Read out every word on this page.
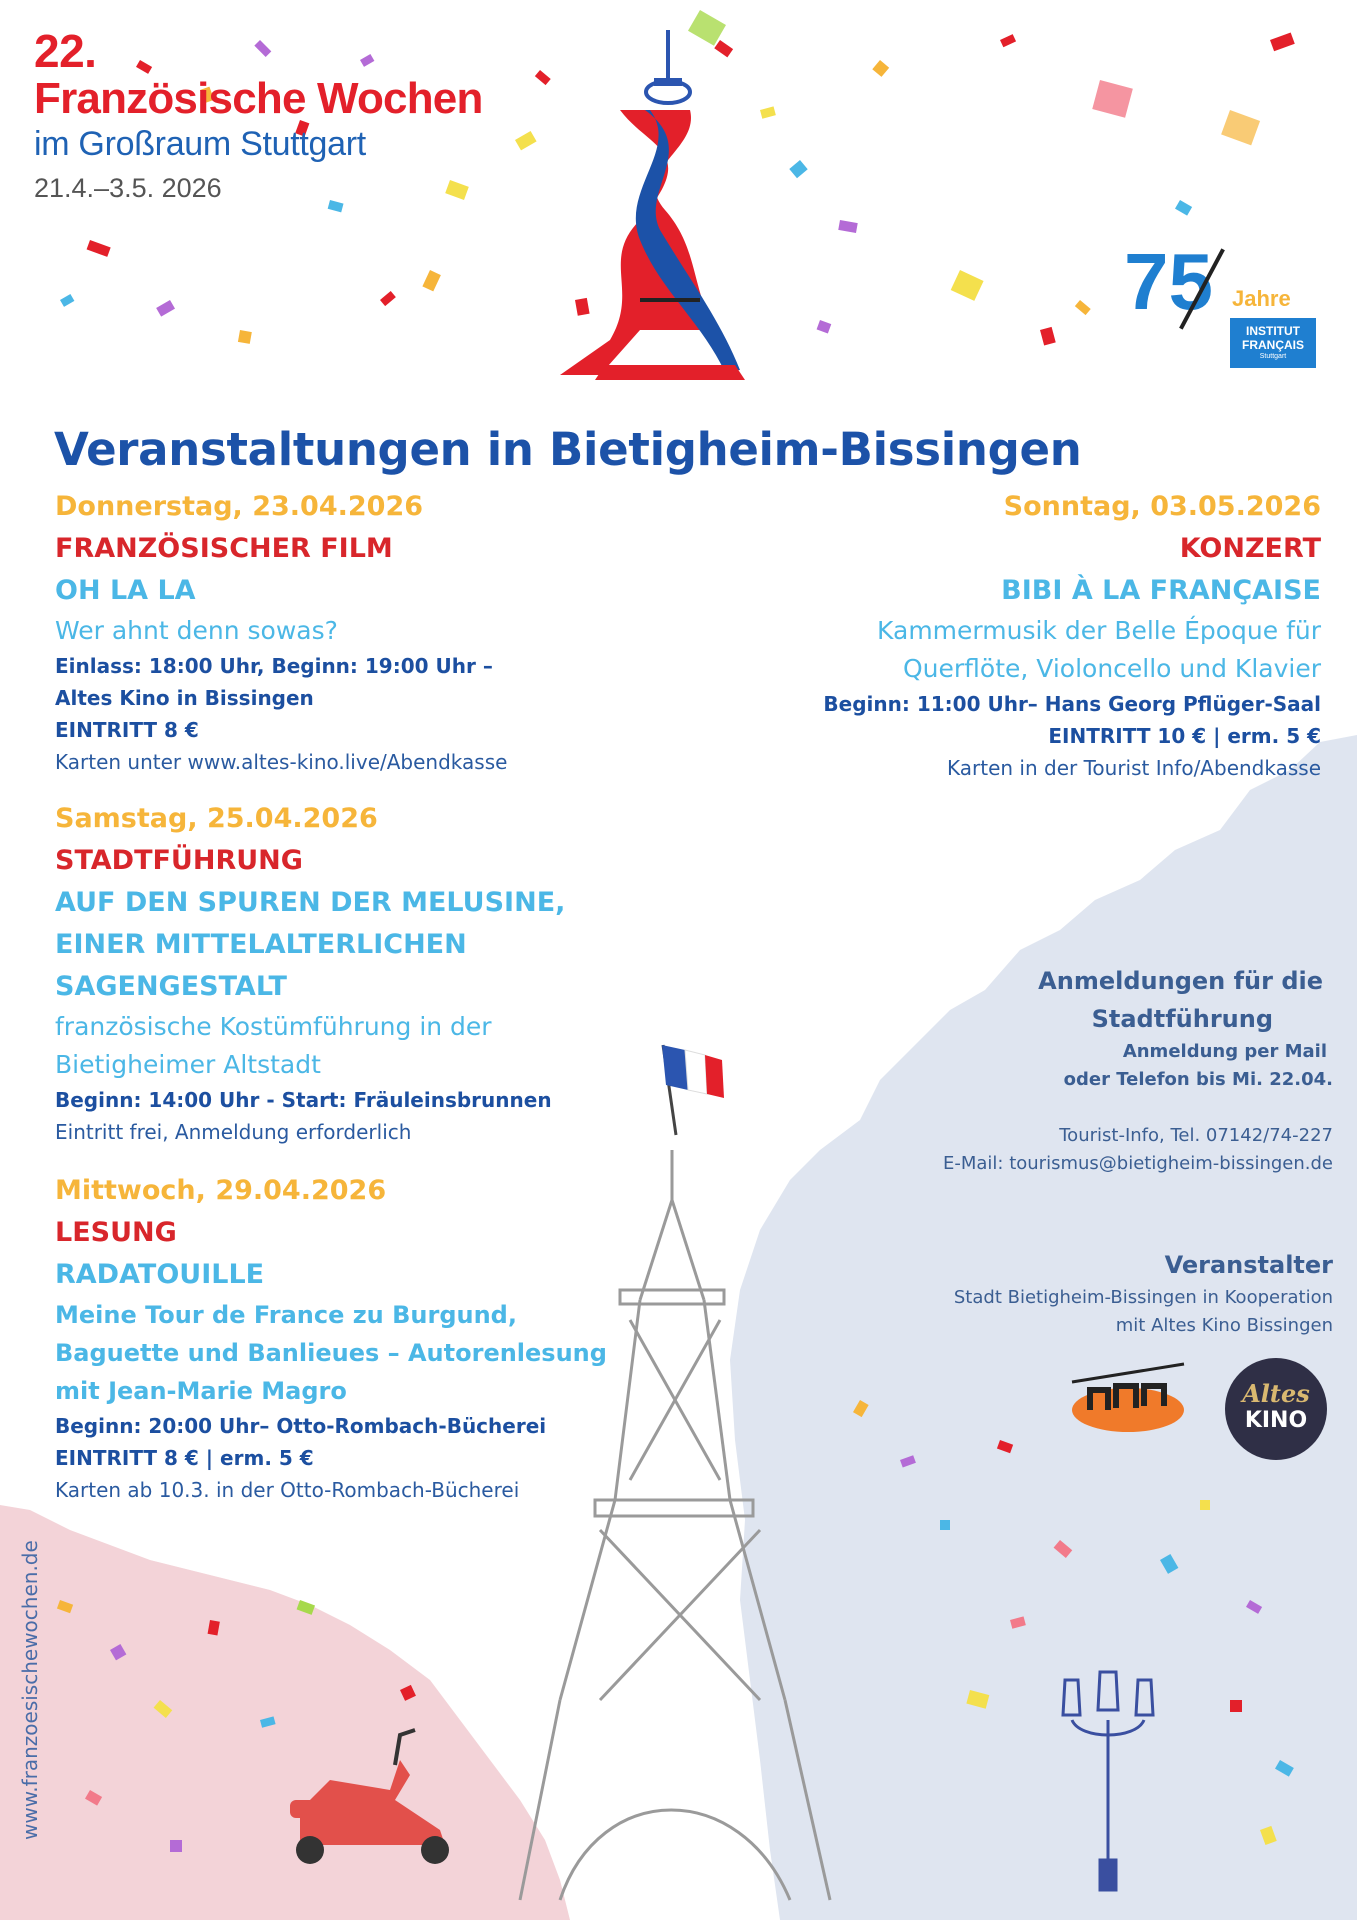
22.
Französische Wochen
im Großraum Stuttgart
21.4.–3.5. 2026
75 Jahre
INSTITUT FRANÇAIS
Stuttgart
Veranstaltungen in Bietigheim-Bissingen
Donnerstag, 23.04.2026
FRANZÖSISCHER FILM
OH LA LA
Wer ahnt denn sowas?
Einlass: 18:00 Uhr, Beginn: 19:00 Uhr –
Altes Kino in Bissingen
EINTRITT 8 €
Karten unter www.altes-kino.live/Abendkasse
Samstag, 25.04.2026
STADTFÜHRUNG
AUF DEN SPUREN DER MELUSINE,
EINER MITTELALTERLICHEN
SAGENGESTALT
französische Kostümführung in der
Bietigheimer Altstadt
Beginn: 14:00 Uhr - Start: Fräuleinsbrunnen
Eintritt frei, Anmeldung erforderlich
Mittwoch, 29.04.2026
LESUNG
RADATOUILLE
Meine Tour de France zu Burgund,
Baguette und Banlieues – Autorenlesung
mit Jean-Marie Magro
Beginn: 20:00 Uhr– Otto-Rombach-Bücherei
EINTRITT 8 € | erm. 5 €
Karten ab 10.3. in der Otto-Rombach-Bücherei
Sonntag, 03.05.2026
KONZERT
BIBI À LA FRANÇAISE
Kammermusik der Belle Époque für
Querflöte, Violoncello und Klavier
Beginn: 11:00 Uhr– Hans Georg Pflüger-Saal
EINTRITT 10 € | erm. 5 €
Karten in der Tourist Info/Abendkasse
Anmeldungen für die
Stadtführung
Anmeldung per Mail
oder Telefon bis Mi. 22.04.
Tourist-Info, Tel. 07142/74-227
E-Mail: tourismus@bietigheim-bissingen.de
Veranstalter
Stadt Bietigheim-Bissingen in Kooperation
mit Altes Kino Bissingen
Altes
KINO
www.franzoesischewochen.de
